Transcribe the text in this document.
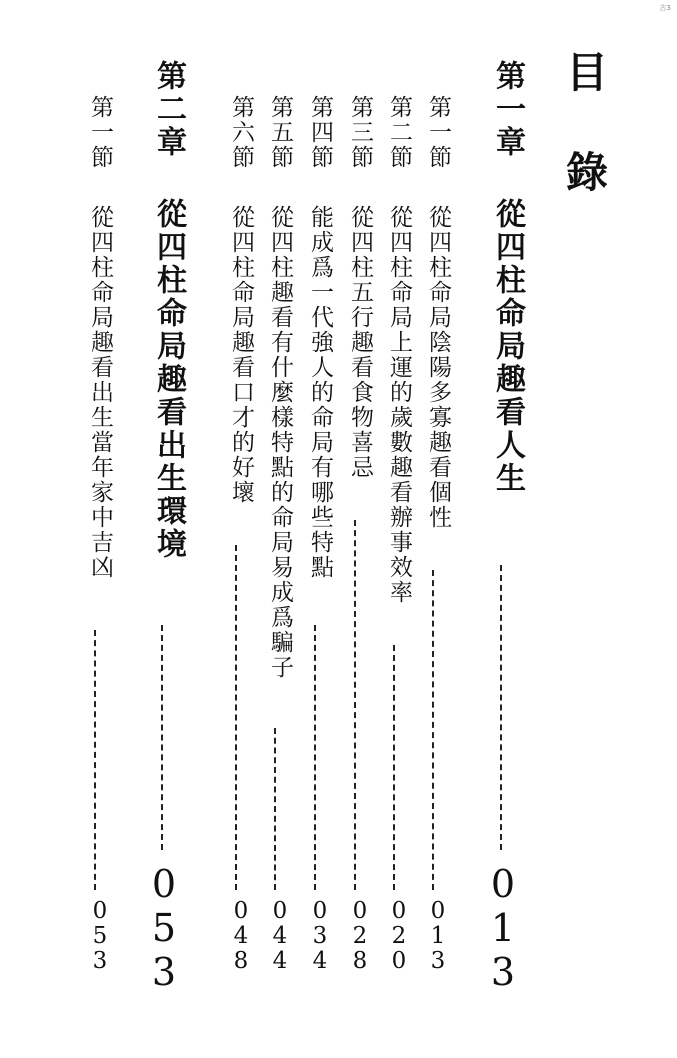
古3
目
錄
第一章
從四柱命局趣看人生
013
第一節
從四柱命局陰陽多寡趣看個性
013
第二節
從四柱命局上運的歲數趣看辦事效率
020
第三節
從四柱五行趣看食物喜忌
028
第四節
能成爲一代強人的命局有哪些特點
034
第五節
從四柱趣看有什麼樣特點的命局易成爲騙子
044
第六節
從四柱命局趣看口才的好壞
048
第二章
從四柱命局趣看出生環境
053
第一節
從四柱命局趣看出生當年家中吉凶
053
